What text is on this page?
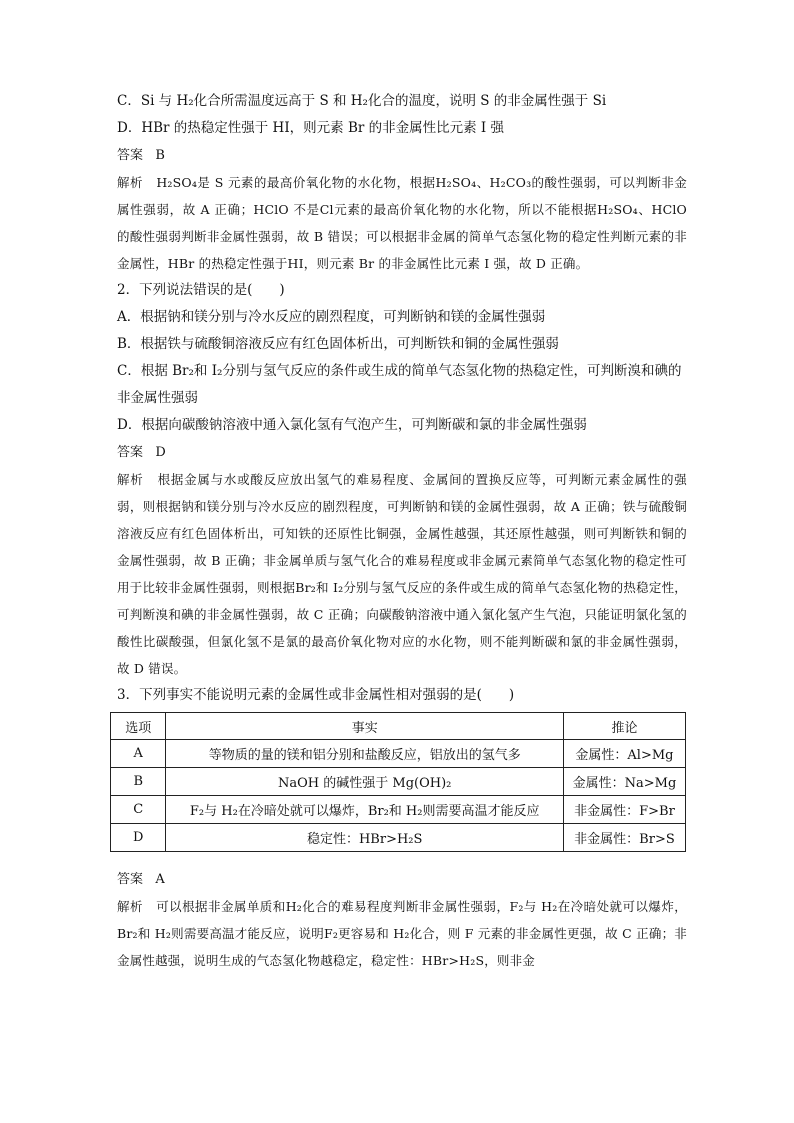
C．Si 与 H₂化合所需温度远高于 S 和 H₂化合的温度，说明 S 的非金属性强于 Si

D．HBr 的热稳定性强于 HI，则元素 Br 的非金属性比元素 I 强

答案 B

解析 H₂SO₄是 S 元素的最高价氧化物的水化物，根据H₂SO₄、H₂CO₃的酸性强弱，可以判断非金属性强弱，故 A 正确；HClO 不是Cl元素的最高价氧化物的水化物，所以不能根据H₂SO₄、HClO 的酸性强弱判断非金属性强弱，故 B 错误；可以根据非金属的简单气态氢化物的稳定性判断元素的非金属性，HBr 的热稳定性强于HI，则元素 Br 的非金属性比元素 I 强，故 D 正确。

2．下列说法错误的是(　　)

A．根据钠和镁分别与冷水反应的剧烈程度，可判断钠和镁的金属性强弱

B．根据铁与硫酸铜溶液反应有红色固体析出，可判断铁和铜的金属性强弱

C．根据 Br₂和 I₂分别与氢气反应的条件或生成的简单气态氢化物的热稳定性，可判断溴和碘的非金属性强弱

D．根据向碳酸钠溶液中通入氯化氢有气泡产生，可判断碳和氯的非金属性强弱

答案 D

解析 根据金属与水或酸反应放出氢气的难易程度、金属间的置换反应等，可判断元素金属性的强弱，则根据钠和镁分别与冷水反应的剧烈程度，可判断钠和镁的金属性强弱，故 A 正确；铁与硫酸铜溶液反应有红色固体析出，可知铁的还原性比铜强，金属性越强，其还原性越强，则可判断铁和铜的金属性强弱，故 B 正确；非金属单质与氢气化合的难易程度或非金属元素简单气态氢化物的稳定性可用于比较非金属性强弱，则根据Br₂和 I₂分别与氢气反应的条件或生成的简单气态氢化物的热稳定性，可判断溴和碘的非金属性强弱，故 C 正确；向碳酸钠溶液中通入氯化氢产生气泡，只能证明氯化氢的酸性比碳酸强，但氯化氢不是氯的最高价氧化物对应的水化物，则不能判断碳和氯的非金属性强弱，故 D 错误。

3．下列事实不能说明元素的金属性或非金属性相对强弱的是(　　)

选项	事实	推论
A	等物质的量的镁和铝分别和盐酸反应，铝放出的氢气多	金属性：Al>Mg
B	NaOH 的碱性强于 Mg(OH)₂	金属性：Na>Mg
C	F₂与 H₂在冷暗处就可以爆炸，Br₂和 H₂则需要高温才能反应	非金属性：F>Br
D	稳定性：HBr>H₂S	非金属性：Br>S

答案 A

解析 可以根据非金属单质和H₂化合的难易程度判断非金属性强弱，F₂与 H₂在冷暗处就可以爆炸，Br₂和 H₂则需要高温才能反应，说明F₂更容易和 H₂化合，则 F 元素的非金属性更强，故 C 正确；非金属性越强，说明生成的气态氢化物越稳定，稳定性：HBr>H₂S，则非金
